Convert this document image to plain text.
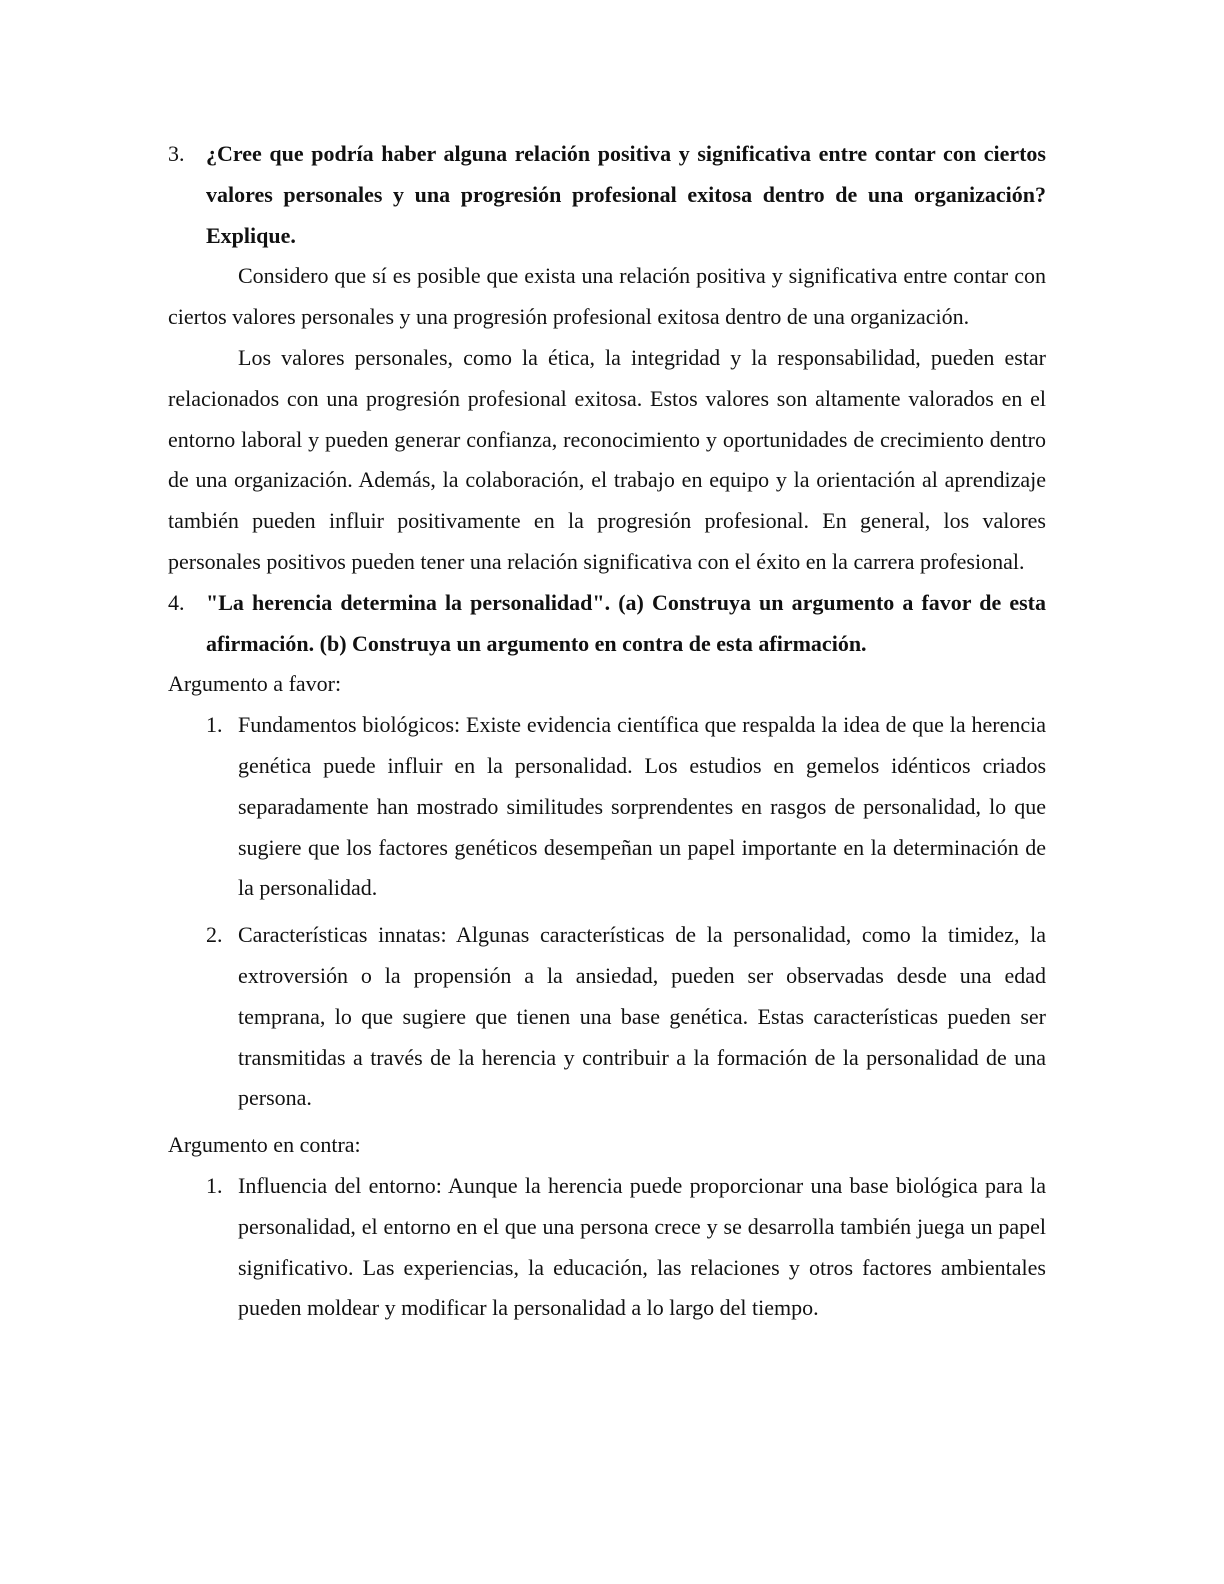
3. ¿Cree que podría haber alguna relación positiva y significativa entre contar con ciertos valores personales y una progresión profesional exitosa dentro de una organización? Explique.

Considero que sí es posible que exista una relación positiva y significativa entre contar con ciertos valores personales y una progresión profesional exitosa dentro de una organización.

Los valores personales, como la ética, la integridad y la responsabilidad, pueden estar relacionados con una progresión profesional exitosa. Estos valores son altamente valorados en el entorno laboral y pueden generar confianza, reconocimiento y oportunidades de crecimiento dentro de una organización. Además, la colaboración, el trabajo en equipo y la orientación al aprendizaje también pueden influir positivamente en la progresión profesional. En general, los valores personales positivos pueden tener una relación significativa con el éxito en la carrera profesional.

4. "La herencia determina la personalidad". (a) Construya un argumento a favor de esta afirmación. (b) Construya un argumento en contra de esta afirmación.

Argumento a favor:

1. Fundamentos biológicos: Existe evidencia científica que respalda la idea de que la herencia genética puede influir en la personalidad. Los estudios en gemelos idénticos criados separadamente han mostrado similitudes sorprendentes en rasgos de personalidad, lo que sugiere que los factores genéticos desempeñan un papel importante en la determinación de la personalidad.

2. Características innatas: Algunas características de la personalidad, como la timidez, la extroversión o la propensión a la ansiedad, pueden ser observadas desde una edad temprana, lo que sugiere que tienen una base genética. Estas características pueden ser transmitidas a través de la herencia y contribuir a la formación de la personalidad de una persona.

Argumento en contra:

1. Influencia del entorno: Aunque la herencia puede proporcionar una base biológica para la personalidad, el entorno en el que una persona crece y se desarrolla también juega un papel significativo. Las experiencias, la educación, las relaciones y otros factores ambientales pueden moldear y modificar la personalidad a lo largo del tiempo.
